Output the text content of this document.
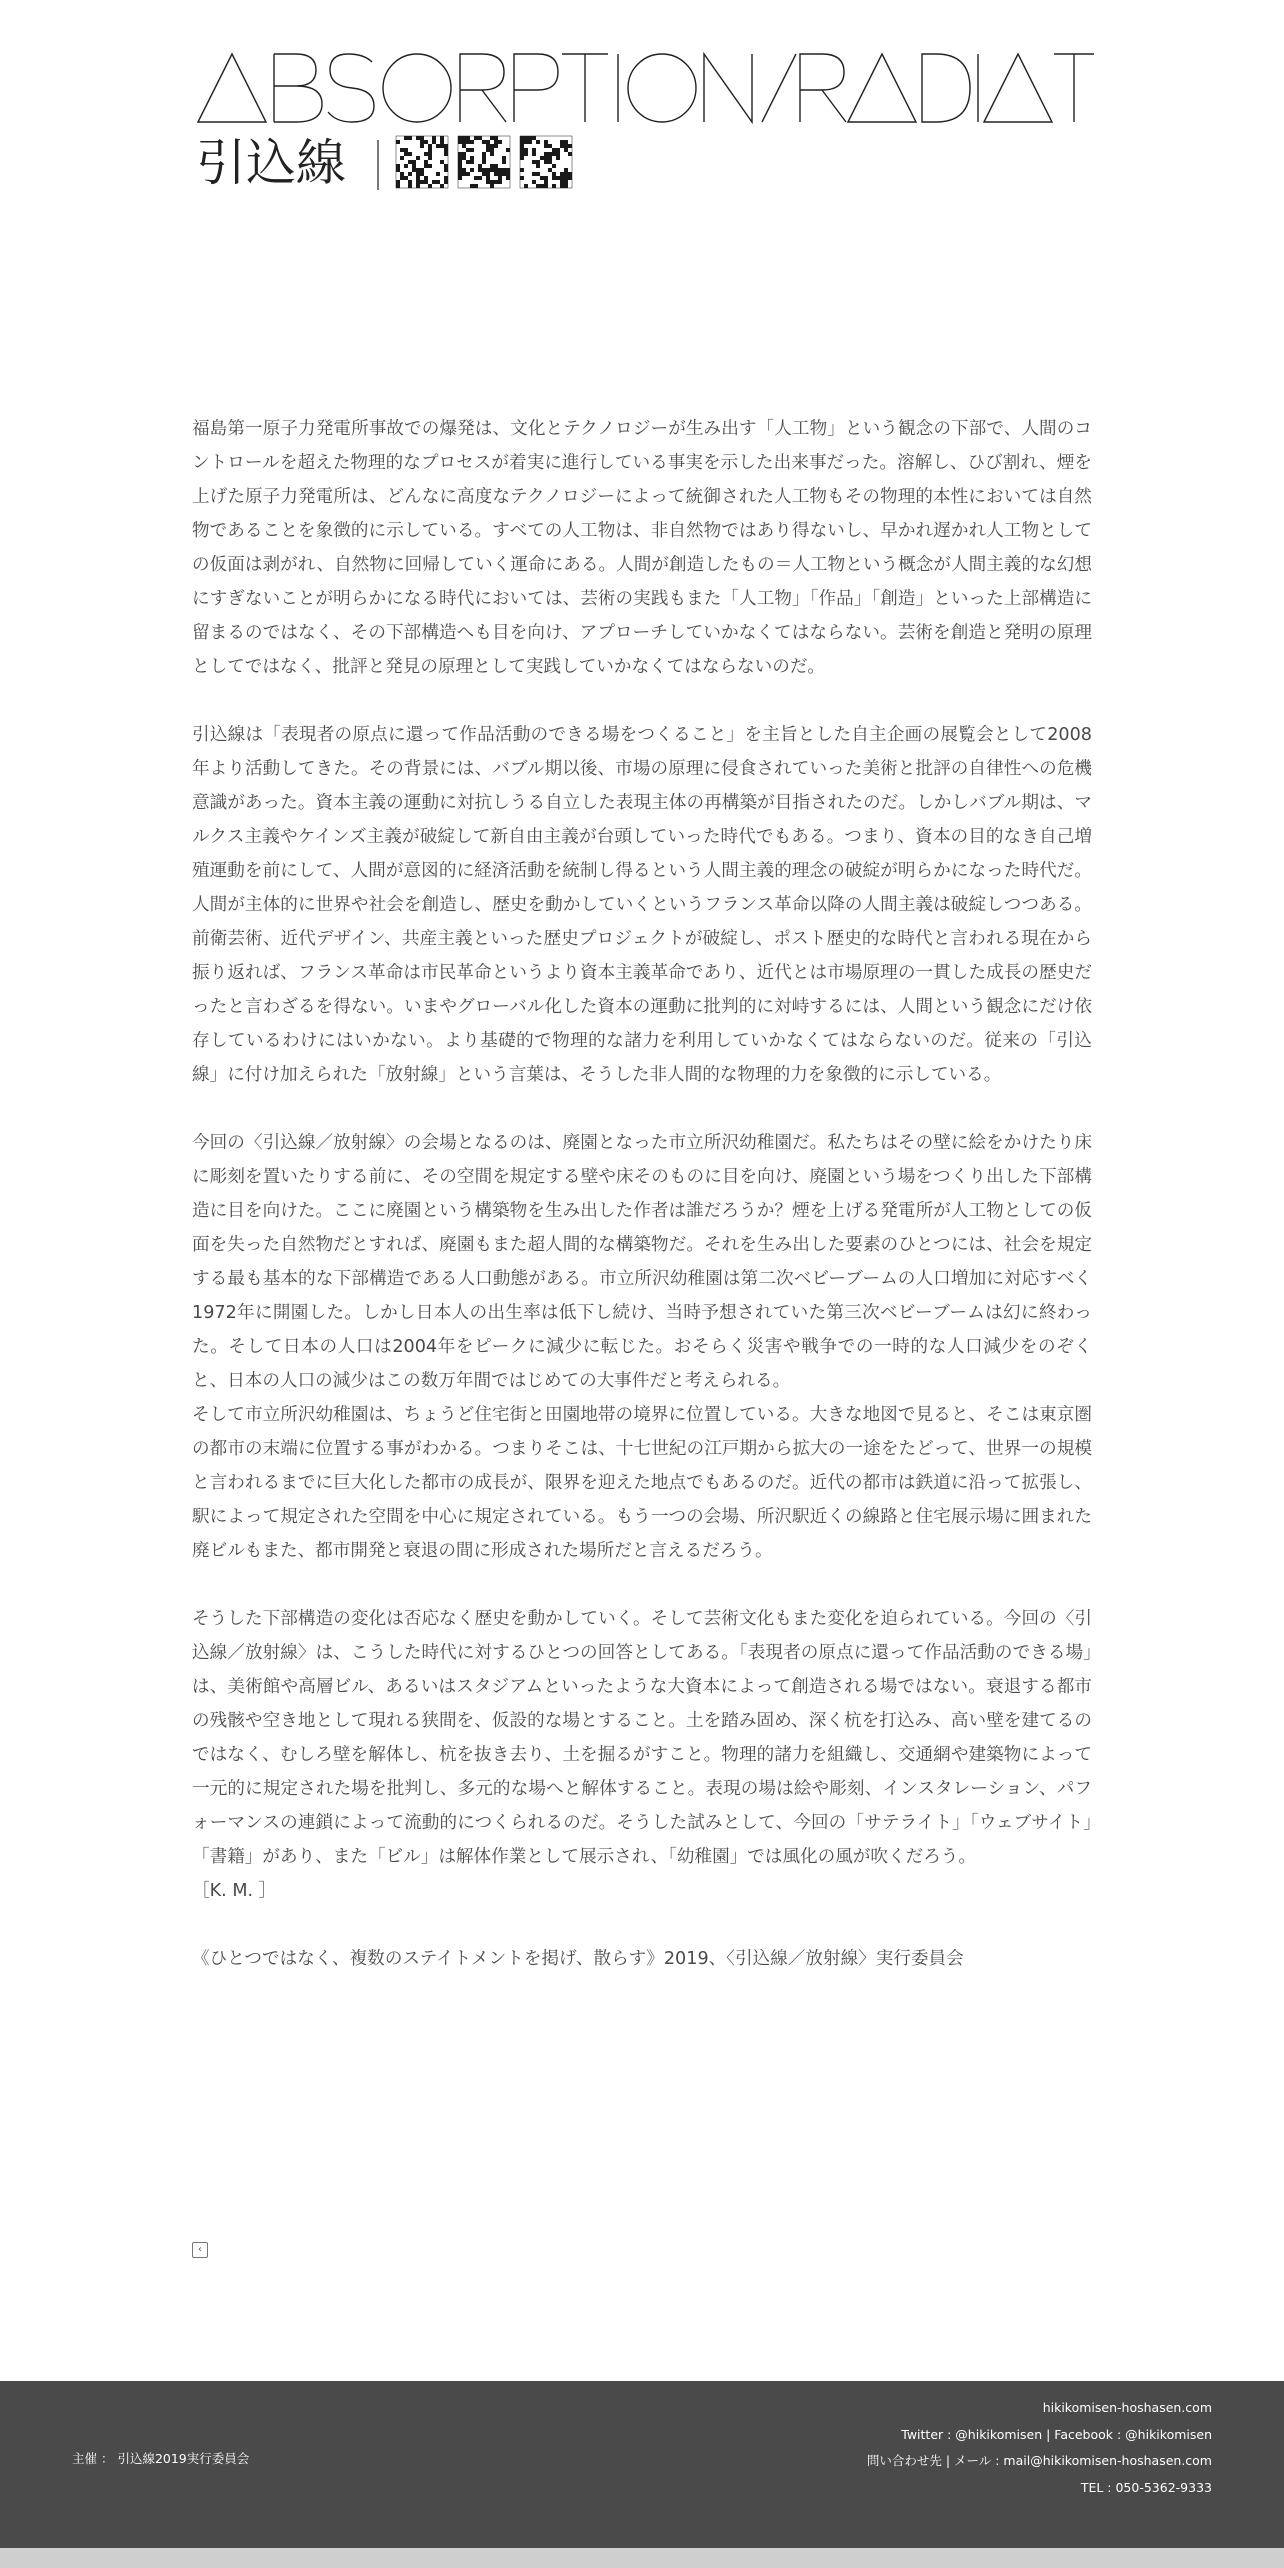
引込線

福島第一原子力発電所事故での爆発は、文化とテクノロジーが生み出す「人工物」という観念の下部で、人間のコントロールを超えた物理的なプロセスが着実に進行している事実を示した出来事だった。溶解し、ひび割れ、煙を上げた原子力発電所は、どんなに高度なテクノロジーによって統御された人工物もその物理的本性においては自然物であることを象徴的に示している。すべての人工物は、非自然物ではあり得ないし、早かれ遅かれ人工物としての仮面は剥がれ、自然物に回帰していく運命にある。人間が創造したもの＝人工物という概念が人間主義的な幻想にすぎないことが明らかになる時代においては、芸術の実践もまた「人工物」「作品」「創造」といった上部構造に留まるのではなく、その下部構造へも目を向け、アプローチしていかなくてはならない。芸術を創造と発明の原理としてではなく、批評と発見の原理として実践していかなくてはならないのだ。

引込線は「表現者の原点に還って作品活動のできる場をつくること」を主旨とした自主企画の展覧会として2008年より活動してきた。その背景には、バブル期以後、市場の原理に侵食されていった美術と批評の自律性への危機意識があった。資本主義の運動に対抗しうる自立した表現主体の再構築が目指されたのだ。しかしバブル期は、マルクス主義やケインズ主義が破綻して新自由主義が台頭していった時代でもある。つまり、資本の目的なき自己増殖運動を前にして、人間が意図的に経済活動を統制し得るという人間主義的理念の破綻が明らかになった時代だ。人間が主体的に世界や社会を創造し、歴史を動かしていくというフランス革命以降の人間主義は破綻しつつある。前衛芸術、近代デザイン、共産主義といった歴史プロジェクトが破綻し、ポスト歴史的な時代と言われる現在から振り返れば、フランス革命は市民革命というより資本主義革命であり、近代とは市場原理の一貫した成長の歴史だったと言わざるを得ない。いまやグローバル化した資本の運動に批判的に対峙するには、人間という観念にだけ依存しているわけにはいかない。より基礎的で物理的な諸力を利用していかなくてはならないのだ。従来の「引込線」に付け加えられた「放射線」という言葉は、そうした非人間的な物理的力を象徴的に示している。

今回の〈引込線／放射線〉の会場となるのは、廃園となった市立所沢幼稚園だ。私たちはその壁に絵をかけたり床に彫刻を置いたりする前に、その空間を規定する壁や床そのものに目を向け、廃園という場をつくり出した下部構造に目を向けた。ここに廃園という構築物を生み出した作者は誰だろうか？煙を上げる発電所が人工物としての仮面を失った自然物だとすれば、廃園もまた超人間的な構築物だ。それを生み出した要素のひとつには、社会を規定する最も基本的な下部構造である人口動態がある。市立所沢幼稚園は第二次ベビーブームの人口増加に対応すべく1972年に開園した。しかし日本人の出生率は低下し続け、当時予想されていた第三次ベビーブームは幻に終わった。そして日本の人口は2004年をピークに減少に転じた。おそらく災害や戦争での一時的な人口減少をのぞくと、日本の人口の減少はこの数万年間ではじめての大事件だと考えられる。

そして市立所沢幼稚園は、ちょうど住宅街と田園地帯の境界に位置している。大きな地図で見ると、そこは東京圏の都市の末端に位置する事がわかる。つまりそこは、十七世紀の江戸期から拡大の一途をたどって、世界一の規模と言われるまでに巨大化した都市の成長が、限界を迎えた地点でもあるのだ。近代の都市は鉄道に沿って拡張し、駅によって規定された空間を中心に規定されている。もう一つの会場、所沢駅近くの線路と住宅展示場に囲まれた廃ビルもまた、都市開発と衰退の間に形成された場所だと言えるだろう。

そうした下部構造の変化は否応なく歴史を動かしていく。そして芸術文化もまた変化を迫られている。今回の〈引込線／放射線〉は、こうした時代に対するひとつの回答としてある。「表現者の原点に還って作品活動のできる場」は、美術館や高層ビル、あるいはスタジアムといったような大資本によって創造される場ではない。衰退する都市の残骸や空き地として現れる狭間を、仮設的な場とすること。土を踏み固め、深く杭を打込み、高い壁を建てるのではなく、むしろ壁を解体し、杭を抜き去り、土を掘るがすこと。物理的諸力を組織し、交通網や建築物によって一元的に規定された場を批判し、多元的な場へと解体すること。表現の場は絵や彫刻、インスタレーション、パフォーマンスの連鎖によって流動的につくられるのだ。そうした試みとして、今回の「サテライト」「ウェブサイト」「書籍」があり、また「ビル」は解体作業として展示され、「幼稚園」では風化の風が吹くだろう。

［K. M. ］

《ひとつではなく、複数のステイトメントを掲げ、散らす》2019、〈引込線／放射線〉実行委員会

‹
主催 ： 引込線2019実行委員会
hikikomisen-hoshasen.com
Twitter : @hikikomisen | Facebook : @hikikomisen
問い合わせ先 | メール : mail@hikikomisen-hoshasen.com
TEL : 050-5362-9333
